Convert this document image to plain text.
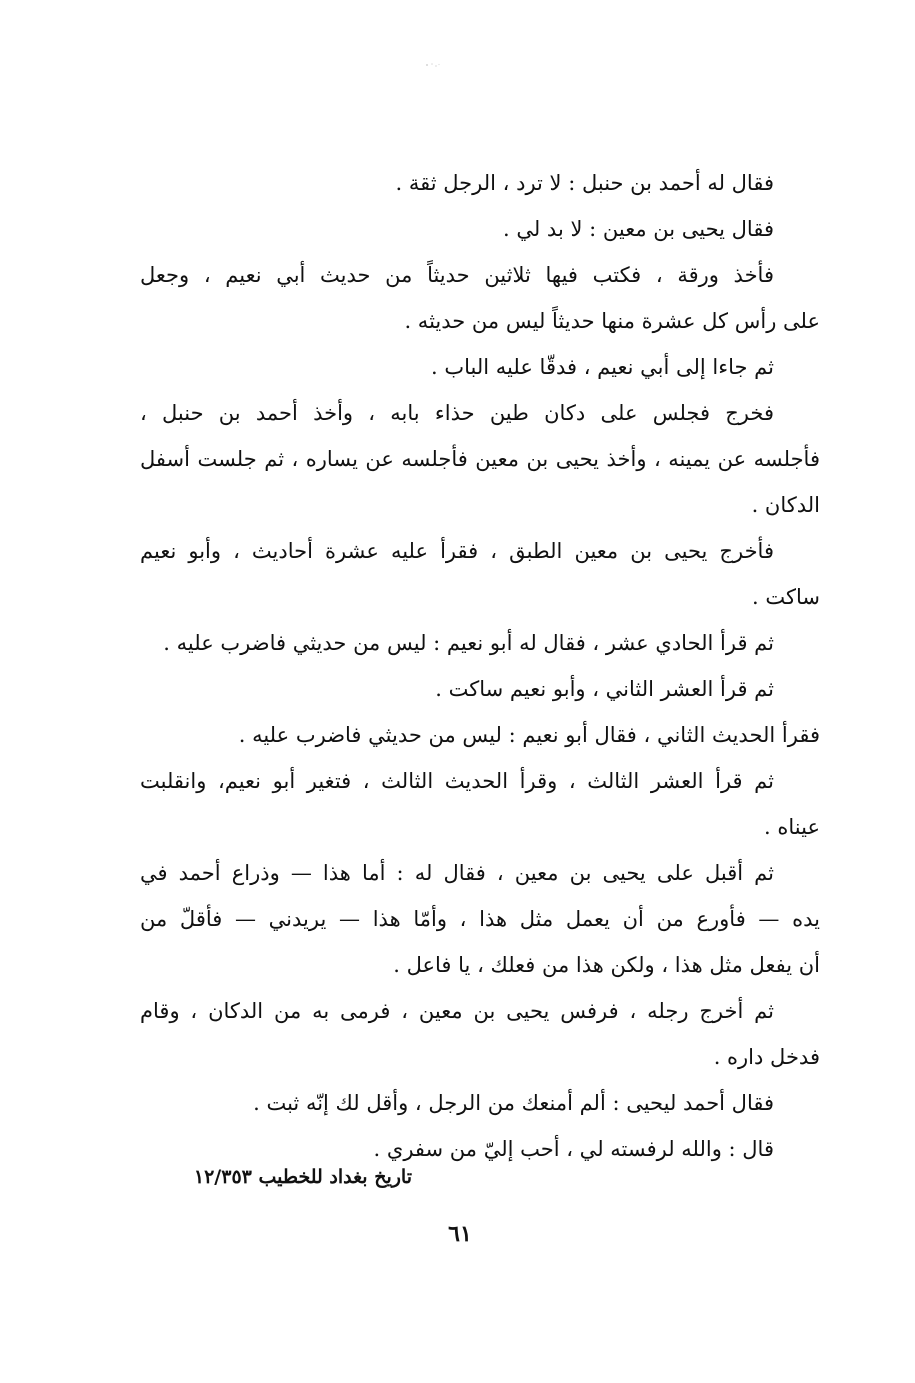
فقال له أحمد بن حنبل : لا ترد ، الرجل ثقة .
فقال يحيى بن معين : لا بد لي .
فأخذ ورقة ، فكتب فيها ثلاثين حديثاً من حديث أبي نعيم ، وجعل
على رأس كل عشرة منها حديثاً ليس من حديثه .
ثم جاءا إلى أبي نعيم ، فدقّا عليه الباب .
فخرج فجلس على دكان طين حذاء بابه ، وأخذ أحمد بن حنبل ،
فأجلسه عن يمينه ، وأخذ يحيى بن معين فأجلسه عن يساره ، ثم جلست أسفل
الدكان .
فأخرج يحيى بن معين الطبق ، فقرأ عليه عشرة أحاديث ، وأبو نعيم
ساكت .
ثم قرأ الحادي عشر ، فقال له أبو نعيم : ليس من حديثي فاضرب عليه .
ثم قرأ العشر الثاني ، وأبو نعيم ساكت .
فقرأ الحديث الثاني ، فقال أبو نعيم : ليس من حديثي فاضرب عليه .
ثم قرأ العشر الثالث ، وقرأ الحديث الثالث ، فتغير أبو نعيم، وانقلبت
عيناه .
ثم أقبل على يحيى بن معين ، فقال له : أما هذا — وذراع أحمد في
يده — فأورع من أن يعمل مثل هذا ، وأمّا هذا — يريدني — فأقلّ من
أن يفعل مثل هذا ، ولكن هذا من فعلك ، يا فاعل .
ثم أخرج رجله ، فرفس يحيى بن معين ، فرمى به من الدكان ، وقام
فدخل داره .
فقال أحمد ليحيى : ألم أمنعك من الرجل ، وأقل لك إنّه ثبت .
قال : والله لرفسته لي ، أحب إليّ من سفري .
تاريخ بغداد للخطيب ١٢/٣٥٣
٦١
